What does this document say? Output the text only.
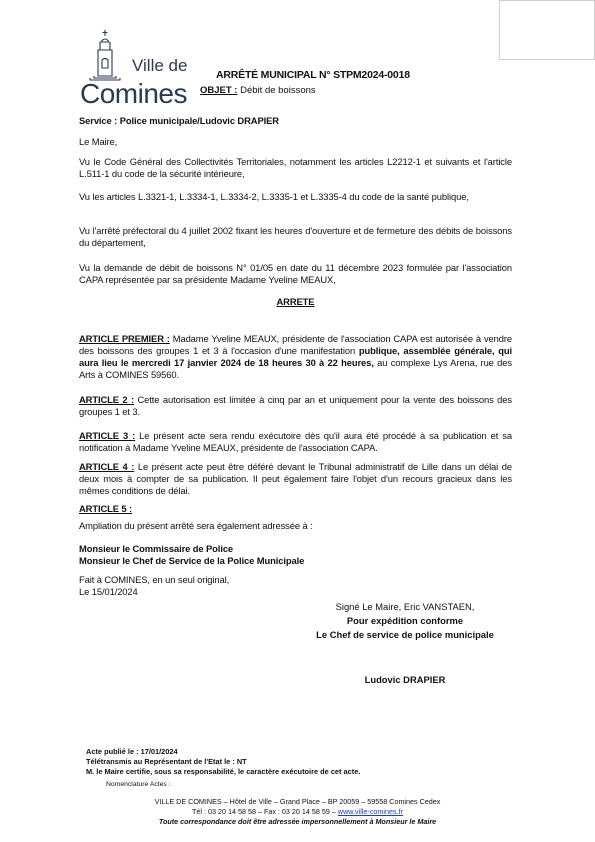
Ville de
Comines
ARRÊTÉ MUNICIPAL N° STPM2024-0018
OBJET : Débit de boissons
Service : Police municipale/Ludovic DRAPIER
Le Maire,
Vu le Code Général des Collectivités Territoriales, notamment les articles L2212-1 et suivants et l'article L.511-1 du code de la sécurité intérieure,
Vu les articles L.3321-1, L.3334-1, L.3334-2, L.3335-1 et L.3335-4 du code de la santé publique,
Vu l'arrêté préfectoral du 4 juillet 2002 fixant les heures d'ouverture et de fermeture des débits de boissons du département,
Vu la demande de débit de boissons N° 01/05 en date du 11 décembre 2023 formulée par l'association CAPA représentée par sa présidente Madame Yveline MEAUX,
ARRETE
ARTICLE PREMIER : Madame Yveline MEAUX, présidente de l'association CAPA est autorisée à vendre des boissons des groupes 1 et 3 à l'occasion d'une manifestation publique, assemblée générale, qui aura lieu le mercredi 17 janvier 2024 de 18 heures 30 à 22 heures, au complexe Lys Arena, rue des Arts à COMINES 59560.
ARTICLE 2 : Cette autorisation est limitée à cinq par an et uniquement pour la vente des boissons des groupes 1 et 3.
ARTICLE 3 : Le présent acte sera rendu exécutoire dès qu'il aura été procédé à sa publication et sa notification à Madame Yveline MEAUX, présidente de l'association CAPA.
ARTICLE 4 : Le présent acte peut être déféré devant le Tribunal administratif de Lille dans un délai de deux mois à compter de sa publication. Il peut également faire l'objet d'un recours gracieux dans les mêmes conditions de délai.
ARTICLE 5 :
Ampliation du présent arrêté sera également adressée à :
Monsieur le Commissaire de Police
Monsieur le Chef de Service de la Police Municipale
Fait à COMINES, en un seul original,
Le 15/01/2024
Signé Le Maire, Eric VANSTAEN,
Pour expédition conforme
Le Chef de service de police municipale
Ludovic DRAPIER
Acte publié le : 17/01/2024
Télétransmis au Représentant de l'Etat le : NT
M. le Maire certifie, sous sa responsabilité, le caractère exécutoire de cet acte.
Nomenclature Actes :
VILLE DE COMINES – Hôtel de Ville – Grand Place – BP 20059 – 59558 Comines Cedex
Tél : 03 20 14 58 58 – Fax : 03 20 14 58 59 – www.ville-comines.fr
Toute correspondance doit être adressée impersonnellement à Monsieur le Maire
